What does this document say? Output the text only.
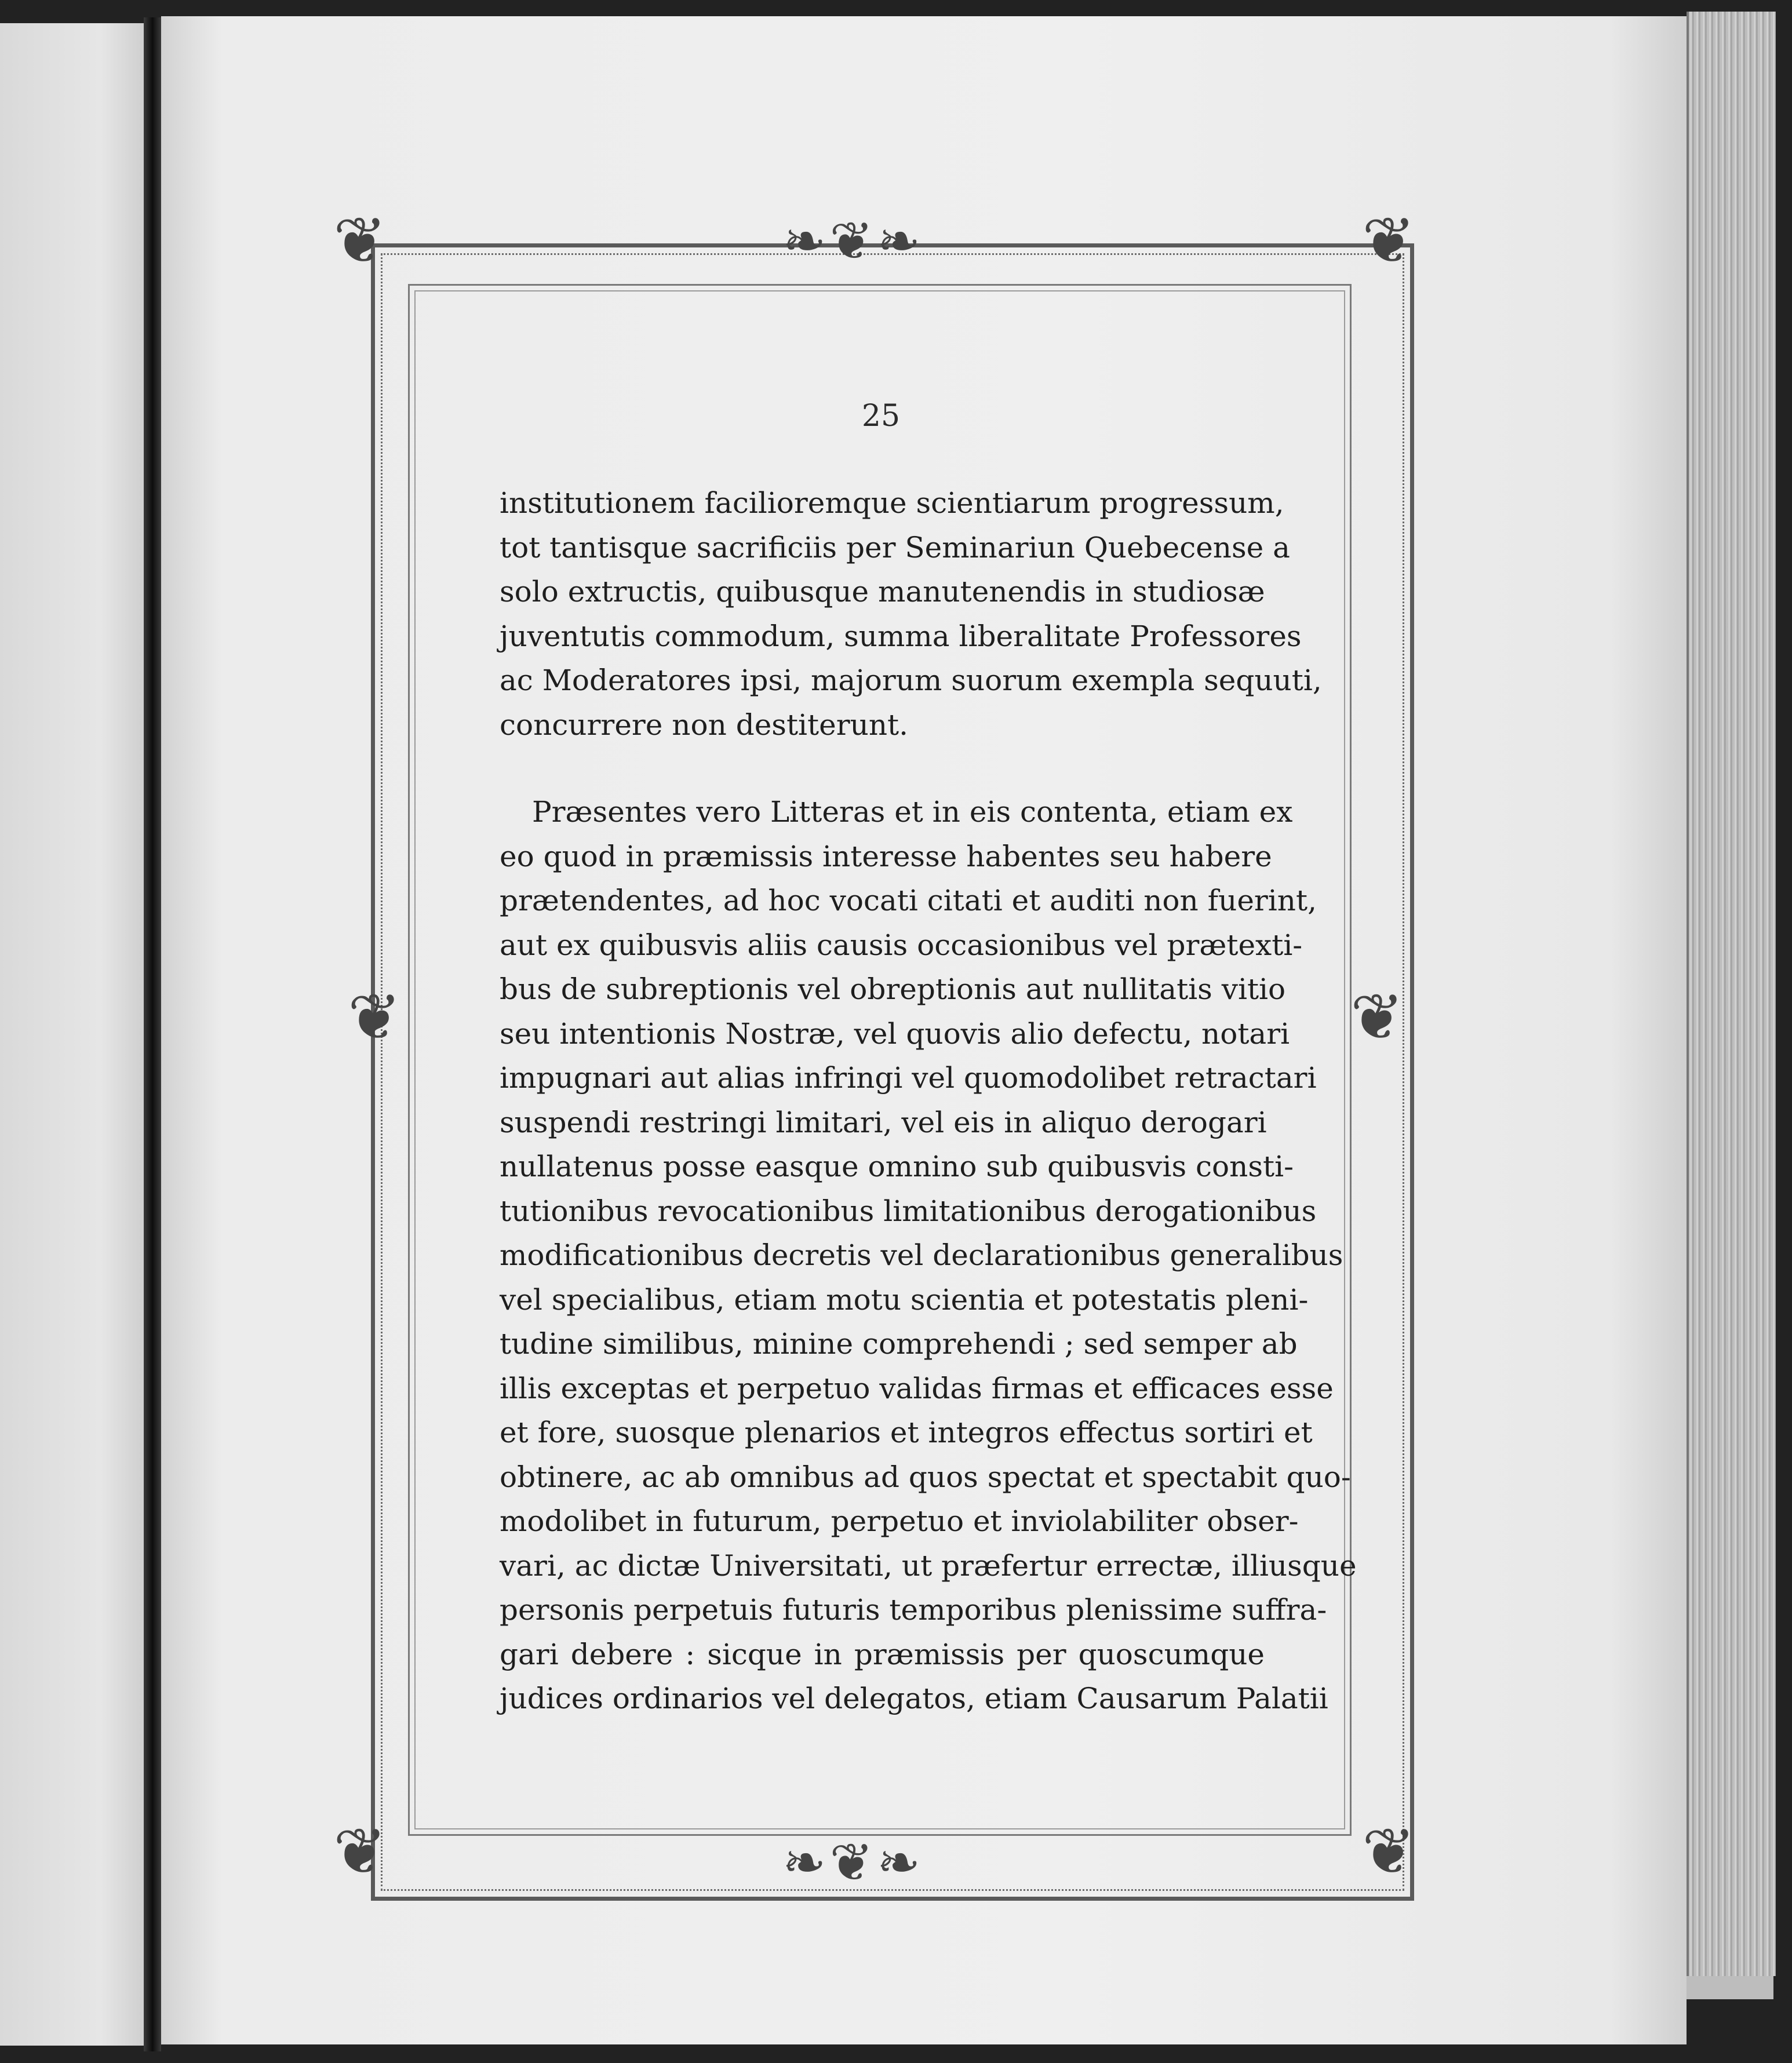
❦	❦
❦	❦
❧❦❧
❧❦❧
❦	❦
25
institutionem facilioremque scientiarum progressum,
tot tantisque sacrificiis per Seminariun Quebecense a
solo extructis, quibusque manutenendis in studiosæ
juventutis commodum, summa liberalitate Professores
ac Moderatores ipsi, majorum suorum exempla sequuti,
concurrere non destiterunt.
Præsentes vero Litteras et in eis contenta, etiam ex
eo quod in præmissis interesse habentes seu habere
prætendentes, ad hoc vocati citati et auditi non fuerint,
aut ex quibusvis aliis causis occasionibus vel prætexti-
bus de subreptionis vel obreptionis aut nullitatis vitio
seu intentionis Nostræ, vel quovis alio defectu, notari
impugnari aut alias infringi vel quomodolibet retractari
suspendi restringi limitari, vel eis in aliquo derogari
nullatenus posse easque omnino sub quibusvis consti-
tutionibus revocationibus limitationibus derogationibus
modificationibus decretis vel declarationibus generalibus
vel specialibus, etiam motu scientia et potestatis pleni-
tudine similibus, minine comprehendi ; sed semper ab
illis exceptas et perpetuo validas firmas et efficaces esse
et fore, suosque plenarios et integros effectus sortiri et
obtinere, ac ab omnibus ad quos spectat et spectabit quo-
modolibet in futurum, perpetuo et inviolabiliter obser-
vari, ac dictæ Universitati, ut præfertur errectæ, illiusque
personis perpetuis futuris temporibus plenissime suffra-
gari debere : sicque in præmissis per quoscumque
judices ordinarios vel delegatos, etiam Causarum Palatii
